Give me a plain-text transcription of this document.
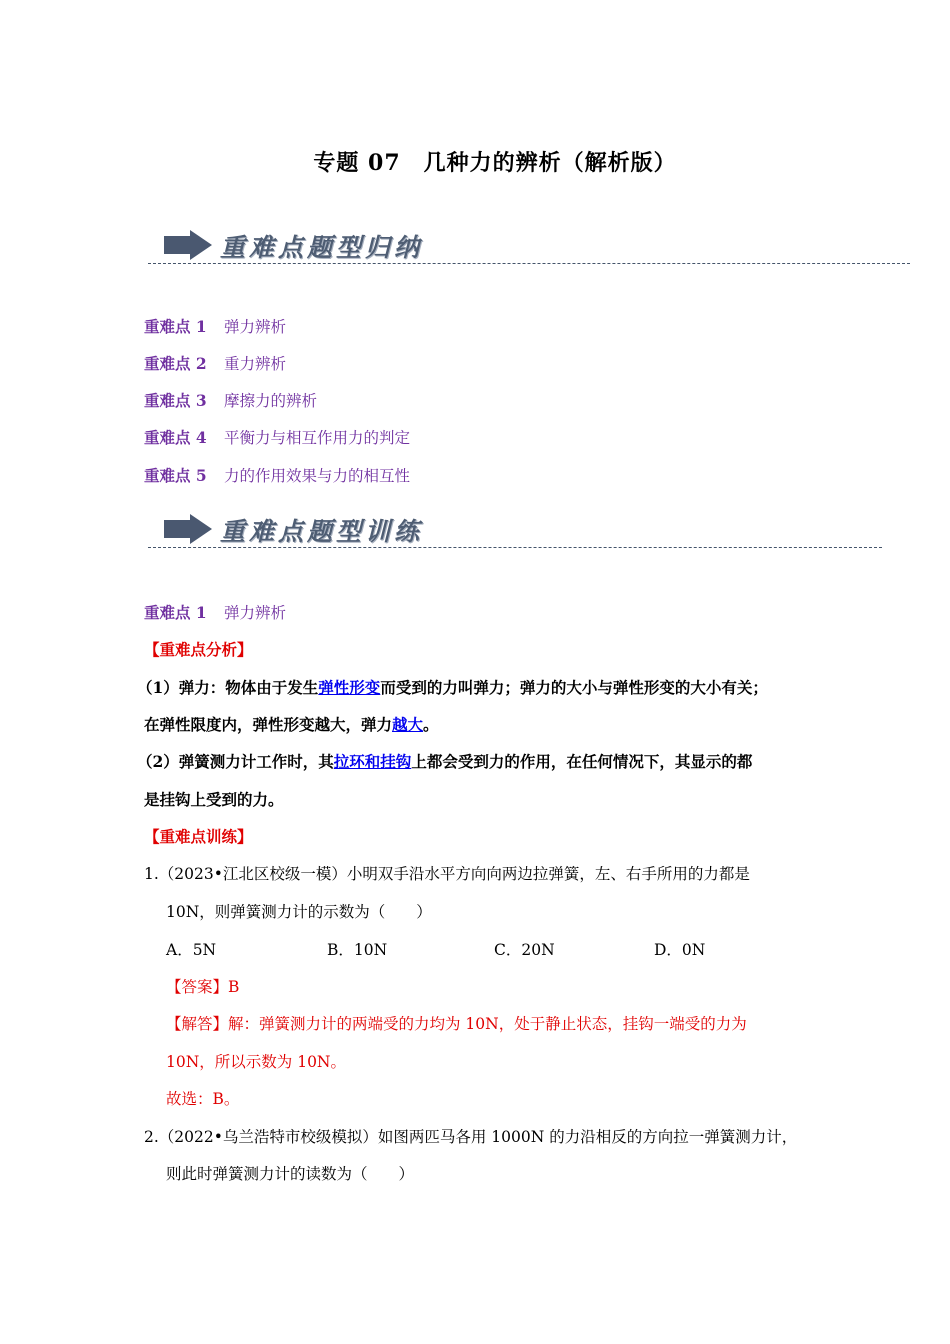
专题 07　几种力的辨析（解析版）
重难点题型归纳
重难点 1 弹力辨析
重难点 2 重力辨析
重难点 3 摩擦力的辨析
重难点 4 平衡力与相互作用力的判定
重难点 5 力的作用效果与力的相互性
重难点题型训练
重难点 1 弹力辨析
【重难点分析】
（1）弹力：物体由于发生弹性形变而受到的力叫弹力；弹力的大小与弹性形变的大小有关；
在弹性限度内，弹性形变越大，弹力越大。
（2）弹簧测力计工作时，其拉环和挂钩上都会受到力的作用，在任何情况下，其显示的都
是挂钩上受到的力。
【重难点训练】
1.（2023•江北区校级一模）小明双手沿水平方向向两边拉弹簧，左、右手所用的力都是
10N，则弹簧测力计的示数为（　　）
A．5N	B．10N	C．20N	D．0N
【答案】B
【解答】解：弹簧测力计的两端受的力均为 10N，处于静止状态，挂钩一端受的力为
10N，所以示数为 10N。
故选：B。
2.（2022•乌兰浩特市校级模拟）如图两匹马各用 1000N 的力沿相反的方向拉一弹簧测力计，
则此时弹簧测力计的读数为（　　）
